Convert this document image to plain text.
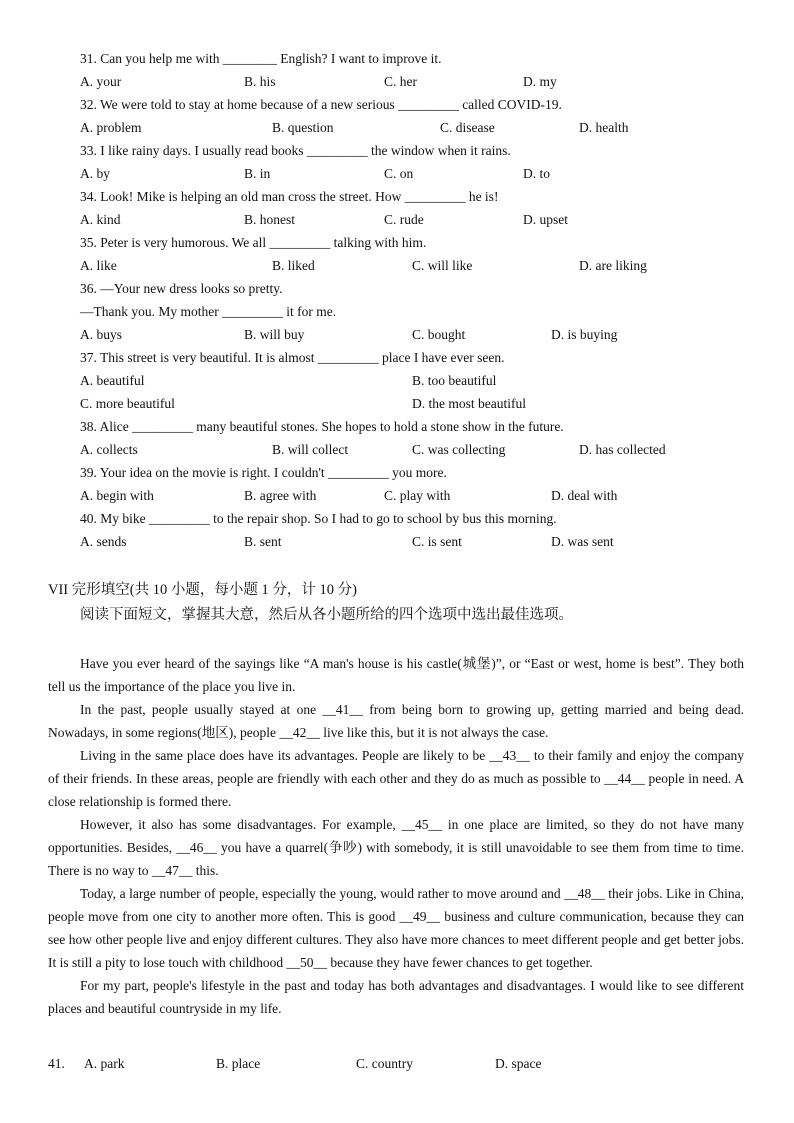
31. Can you help me with ________ English? I want to improve it.
A. your	B. his	C. her	D. my
32. We were told to stay at home because of a new serious _________ called COVID-19.
A. problem	B. question	C. disease	D. health
33. I like rainy days. I usually read books _________ the window when it rains.
A. by	B. in	C. on	D. to
34. Look! Mike is helping an old man cross the street. How _________ he is!
A. kind	B. honest	C. rude	D. upset
35. Peter is very humorous. We all _________ talking with him.
A. like	B. liked	C. will like	D. are liking
36. —Your new dress looks so pretty.
—Thank you. My mother _________ it for me.
A. buys	B. will buy	C. bought	D. is buying
37. This street is very beautiful. It is almost _________ place I have ever seen.
A. beautiful	B. too beautiful
C. more beautiful	D. the most beautiful
38. Alice _________ many beautiful stones. She hopes to hold a stone show in the future.
A. collects	B. will collect	C. was collecting	D. has collected
39. Your idea on the movie is right. I couldn't _________ you more.
A. begin with	B. agree with	C. play with	D. deal with
40. My bike _________ to the repair shop. So I had to go to school by bus this morning.
A. sends	B. sent	C. is sent	D. was sent
VII 完形填空(共 10 小题，每小题 1 分，计 10 分)
阅读下面短文，掌握其大意，然后从各小题所给的四个选项中选出最佳选项。

Have you ever heard of the sayings like “A man's house is his castle(城堡)”, or “East or west, home is best”. They both tell us the importance of the place you live in.

In the past, people usually stayed at one __41__ from being born to growing up, getting married and being dead. Nowadays, in some regions(地区), people __42__ live like this, but it is not always the case.

Living in the same place does have its advantages. People are likely to be __43__ to their family and enjoy the company of their friends. In these areas, people are friendly with each other and they do as much as possible to __44__ people in need. A close relationship is formed there.

However, it also has some disadvantages. For example, __45__ in one place are limited, so they do not have many opportunities. Besides, __46__ you have a quarrel(争吵) with somebody, it is still unavoidable to see them from time to time. There is no way to __47__ this.

Today, a large number of people, especially the young, would rather to move around and __48__ their jobs. Like in China, people move from one city to another more often. This is good __49__ business and culture communication, because they can see how other people live and enjoy different cultures. They also have more chances to meet different people and get better jobs. It is still a pity to lose touch with childhood __50__ because they have fewer chances to get together.

For my part, people's lifestyle in the past and today has both advantages and disadvantages. I would like to see different places and beautiful countryside in my life.

41. A. park	B. place	C. country	D. space
